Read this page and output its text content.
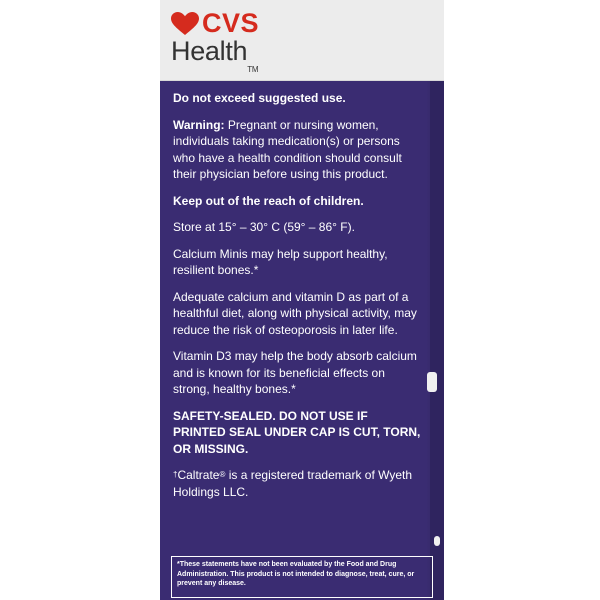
CVS
Health™

Do not exceed suggested use.

Warning: Pregnant or nursing women, individuals taking medication(s) or persons who have a health condition should consult their physician before using this product.

Keep out of the reach of children.

Store at 15° – 30° C (59° – 86° F).

Calcium Minis may help support healthy, resilient bones.*

Adequate calcium and vitamin D as part of a healthful diet, along with physical activity, may reduce the risk of osteoporosis in later life.

Vitamin D3 may help the body absorb calcium and is known for its beneficial effects on strong, healthy bones.*

SAFETY-SEALED. DO NOT USE IF PRINTED SEAL UNDER CAP IS CUT, TORN, OR MISSING.

†Caltrate® is a registered trademark of Wyeth Holdings LLC.

*These statements have not been evaluated by the Food and Drug Administration. This product is not intended to diagnose, treat, cure, or prevent any disease.
